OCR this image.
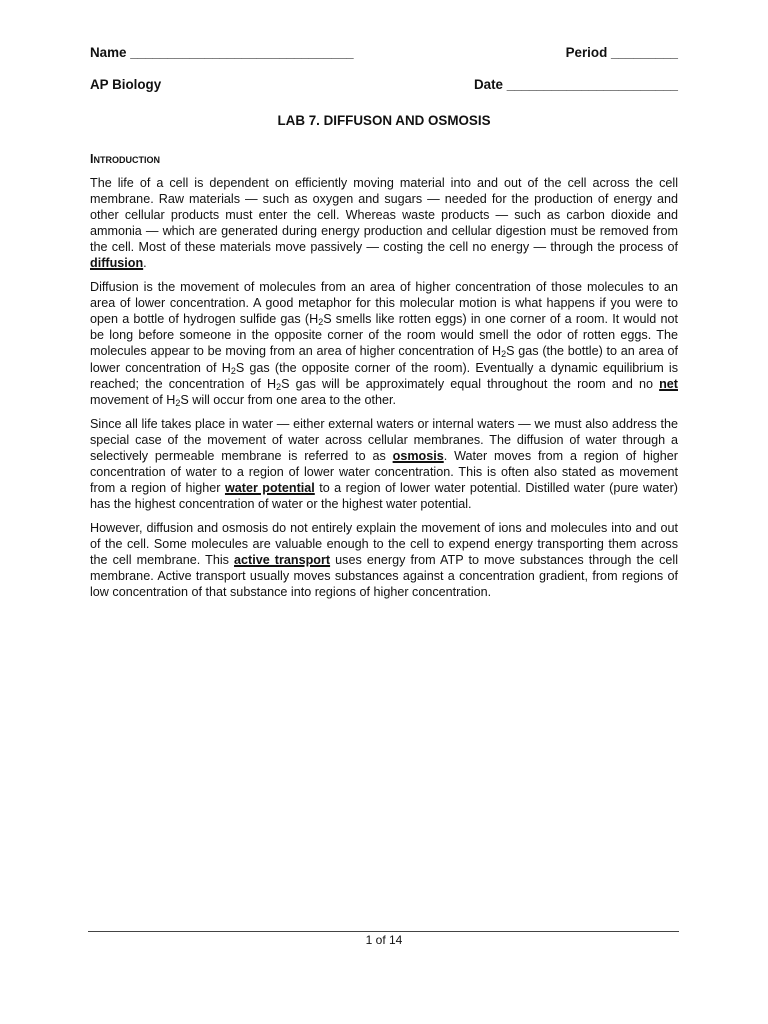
Name ______________________________	Period _________
AP Biology	Date _______________________
LAB 7. DIFFUSON AND OSMOSIS
Introduction

The life of a cell is dependent on efficiently moving material into and out of the cell across the cell membrane. Raw materials — such as oxygen and sugars — needed for the production of energy and other cellular products must enter the cell. Whereas waste products — such as carbon dioxide and ammonia — which are generated during energy production and cellular digestion must be removed from the cell. Most of these materials move passively — costing the cell no energy — through the process of diffusion.

Diffusion is the movement of molecules from an area of higher concentration of those molecules to an area of lower concentration. A good metaphor for this molecular motion is what happens if you were to open a bottle of hydrogen sulfide gas ($H_2S$ smells like rotten eggs) in one corner of a room. It would not be long before someone in the opposite corner of the room would smell the odor of rotten eggs. The molecules appear to be moving from an area of higher concentration of $H_2S$ gas (the bottle) to an area of lower concentration of $H_2S$ gas (the opposite corner of the room). Eventually a dynamic equilibrium is reached; the concentration of $H_2S$ gas will be approximately equal throughout the room and no net movement of $H_2S$ will occur from one area to the other.

Since all life takes place in water — either external waters or internal waters — we must also address the special case of the movement of water across cellular membranes. The diffusion of water through a selectively permeable membrane is referred to as osmosis. Water moves from a region of higher concentration of water to a region of lower water concentration. This is often also stated as movement from a region of higher water potential to a region of lower water potential. Distilled water (pure water) has the highest concentration of water or the highest water potential.

However, diffusion and osmosis do not entirely explain the movement of ions and molecules into and out of the cell. Some molecules are valuable enough to the cell to expend energy transporting them across the cell membrane. This active transport uses energy from ATP to move substances through the cell membrane. Active transport usually moves substances against a concentration gradient, from regions of low concentration of that substance into regions of higher concentration.

1 of 14
